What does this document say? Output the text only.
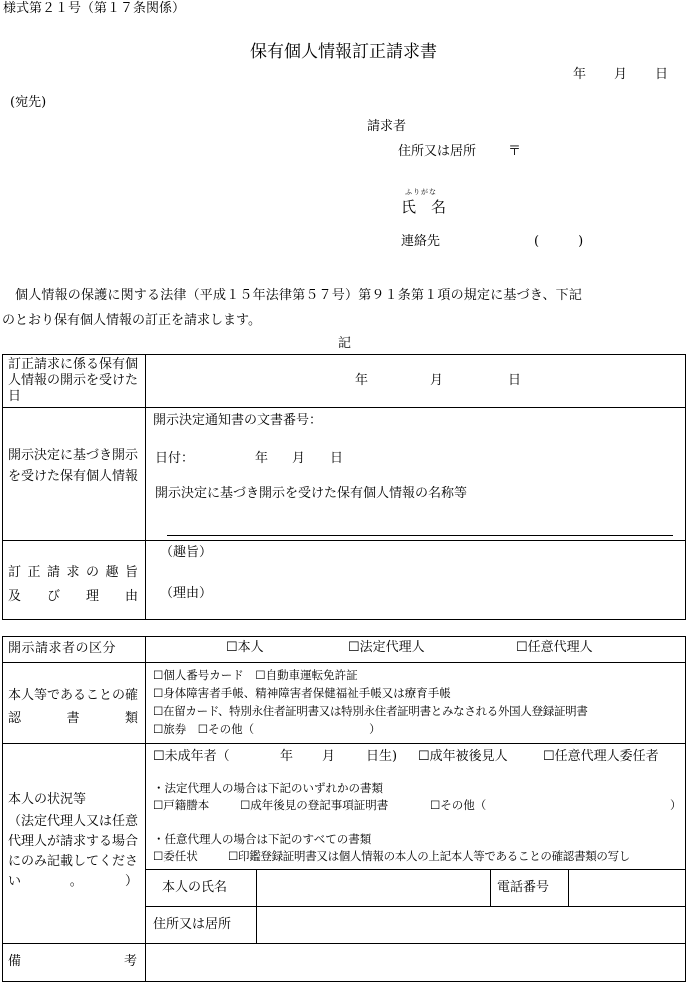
様式第２１号（第１７条関係）
保有個人情報訂正請求書
年 月 日
(宛先)
請求者
住所又は居所 〒
ふりがな
氏 名
連絡先	(　　　)
個人情報の保護に関する法律（平成１５年法律第５７号）第９１条第１項の規定に基づき、下記
のとおり保有個人情報の訂正を請求します。
記
訂正請求に係る保有個人情報の開示を受けた日
年	月	日
開示決定に基づき開示を受けた保有個人情報
開示決定通知書の文書番号：
日付：	年 月 日
開示決定に基づき開示を受けた保有個人情報の名称等
訂正請求の趣旨
及び理由
（趣旨）
（理由）
開示請求者の区分	☐本人	☐法定代理人	☐任意代理人
本人等であることの確認書類
☐個人番号カード　☐自動車運転免許証
☐身体障害者手帳、精神障害者保健福祉手帳又は療育手帳
☐在留カード、特別永住者証明書又は特別永住者証明書とみなされる外国人登録証明書
☐旅券　☐その他（　　　　　　　　　　）
本人の状況等
（法定代理人又は任意代理人が請求する場合にのみ記載してください。）
☐未成年者（	年 月 日生) ☐成年被後見人	☐任意代理人委任者
・法定代理人の場合は下記のいずれかの書類
☐戸籍謄本	☐成年後見の登記事項証明書	☐その他（	）
・任意代理人の場合は下記のすべての書類
☐委任状	☐印鑑登録証明書又は個人情報の本人の上記本人等であることの確認書類の写し
本人の氏名	電話番号
住所又は居所
備	考
